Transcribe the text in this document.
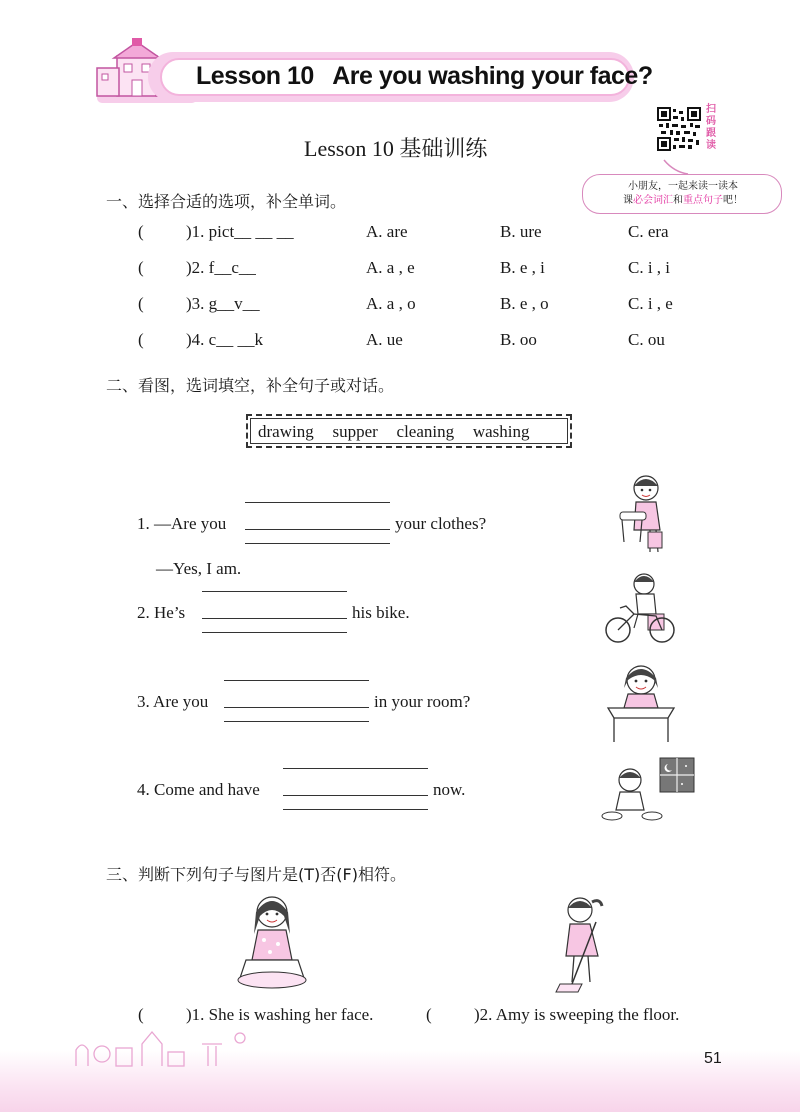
Lesson 10   Are you washing your face?
Lesson 10 基础训练
扫
码
跟
读
小朋友，一起来读一读本
课必会词汇和重点句子吧！
一、选择合适的选项，补全单词。
( )1. pict__ __ __	A. are	B. ure	C. era
( )2. f__c__	A. a , e	B. e , i	C. i , i
( )3. g__v__	A. a , o	B. e , o	C. i , e
( )4. c__ __k	A. ue	B. oo	C. ou
二、看图，选词填空，补全句子或对话。
drawing   supper   cleaning   washing
1. —Are you	your clothes?
—Yes, I am.
2. He’s	his bike.
3. Are you	in your room?
4. Come and have	now.
三、判断下列句子与图片是(T)否(F)相符。
( )1. She is washing her face.	( )2. Amy is sweeping the floor.
51
